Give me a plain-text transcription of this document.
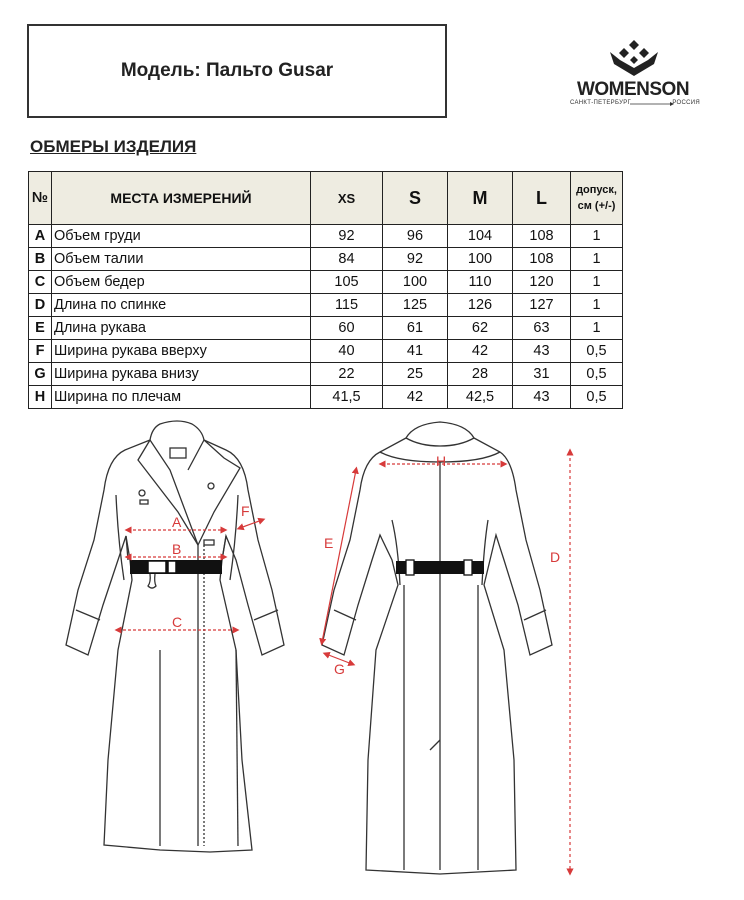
Модель: Пальто Gusar
WOMENSON
САНКТ-ПЕТЕРБУРГ	РОССИЯ
ОБМЕРЫ ИЗДЕЛИЯ
№	МЕСТА ИЗМЕРЕНИЙ	XS	S	M	L	допуск,
см (+/-)
A	Объем груди	92	96	104	108	1
B	Объем талии	84	92	100	108	1
C	Объем бедер	105	100	110	120	1
D	Длина по спинке	115	125	126	127	1
E	Длина рукава	60	61	62	63	1
F	Ширина рукава вверху	40	41	42	43	0,5
G	Ширина рукава внизу	22	25	28	31	0,5
H	Ширина по плечам	41,5	42	42,5	43	0,5
A
B
C
F
H
E
G
D
